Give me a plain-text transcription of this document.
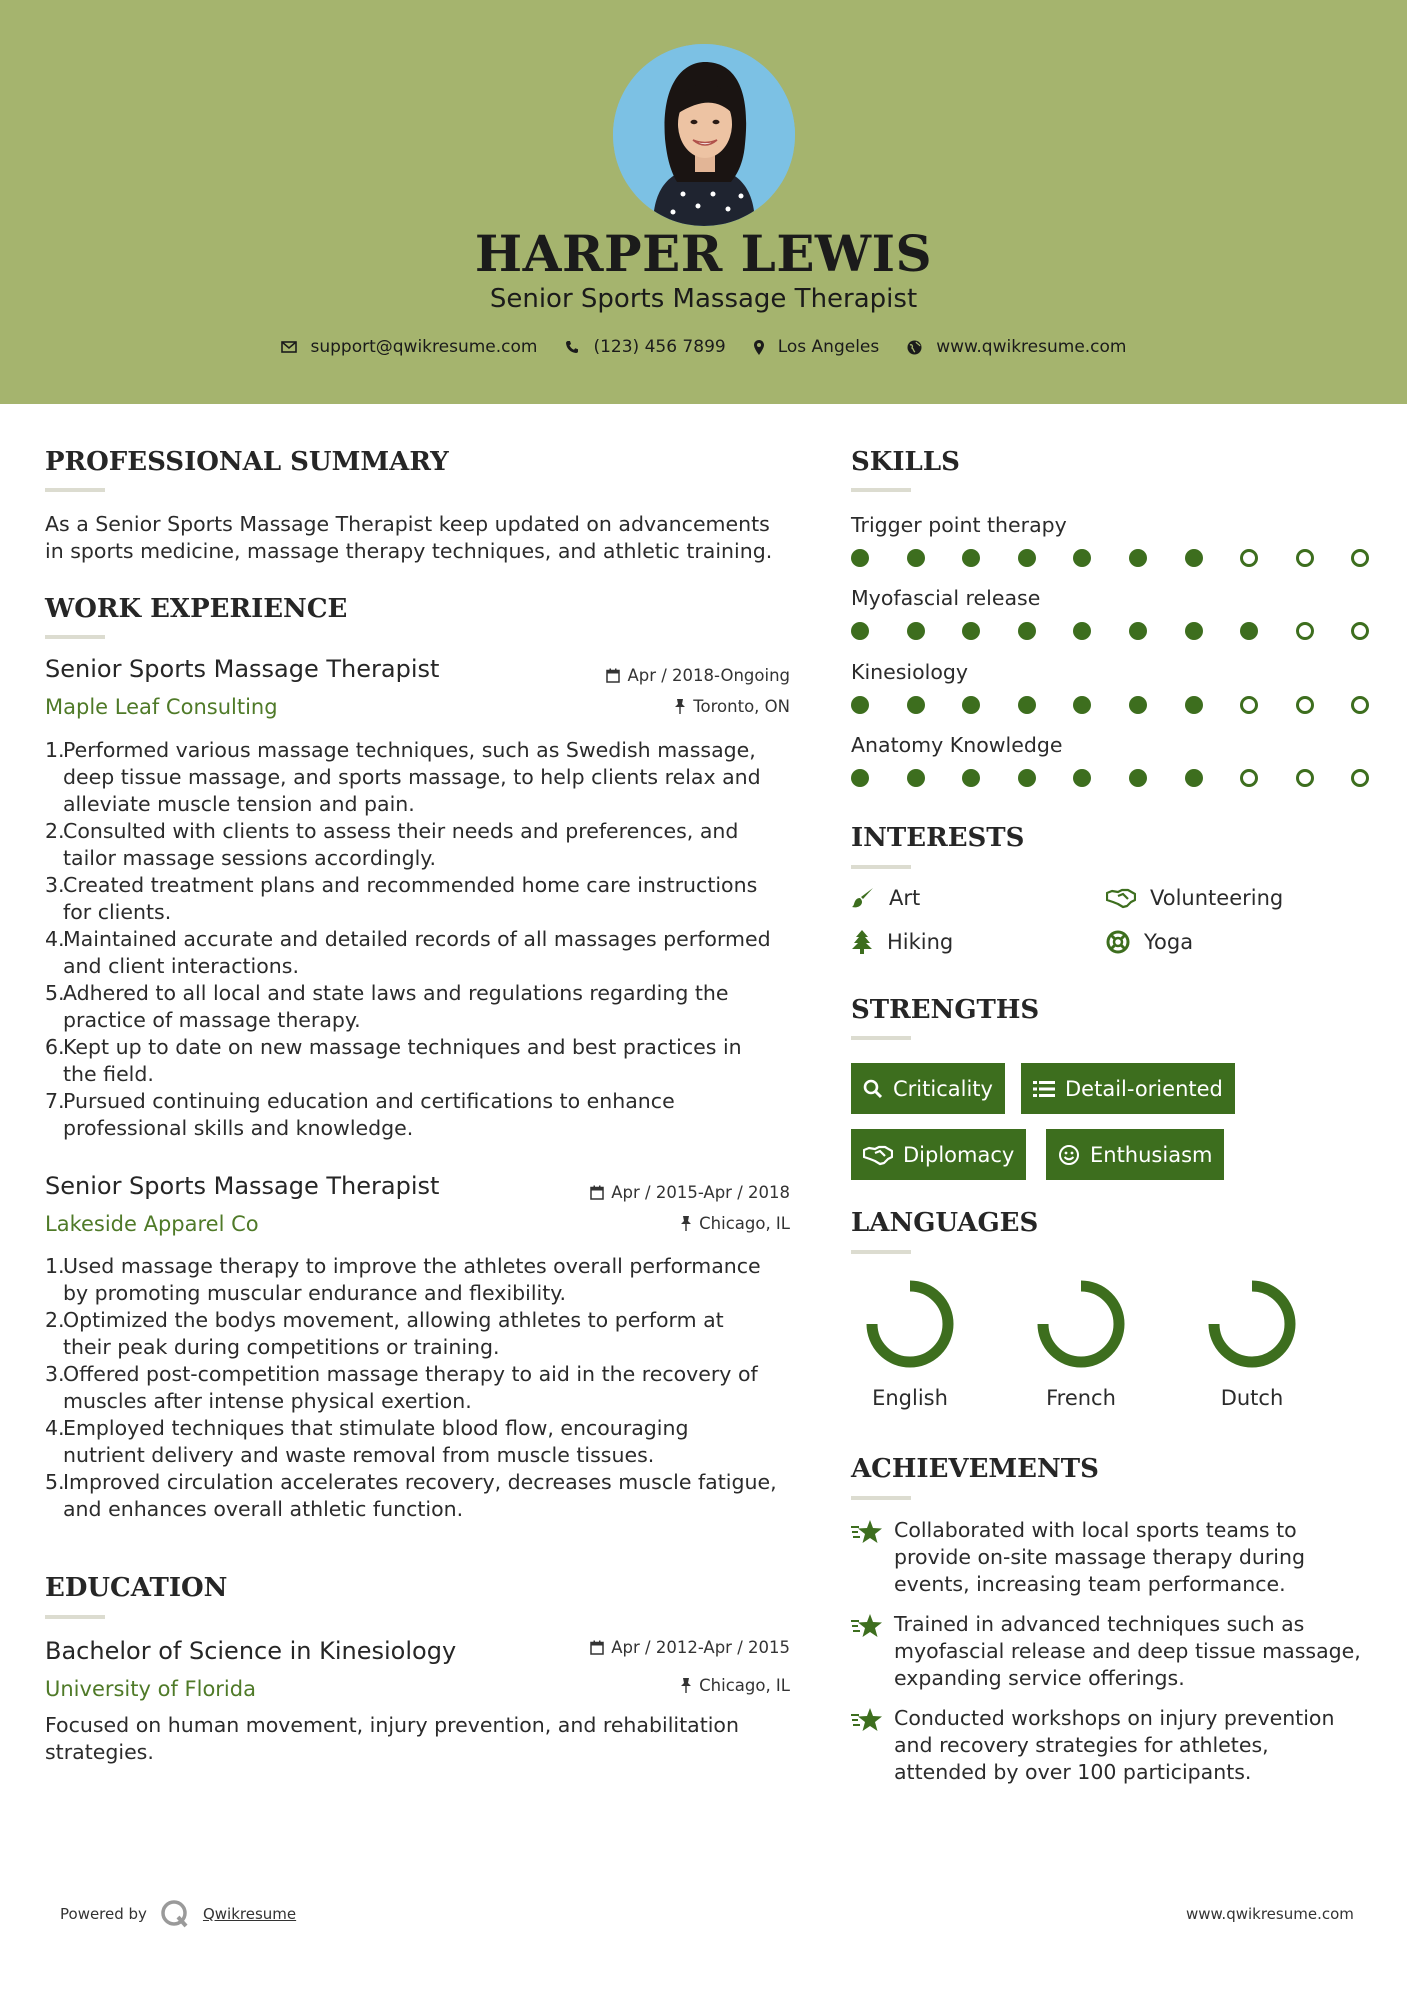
HARPER LEWIS
Senior Sports Massage Therapist
support@qwikresume.com	(123) 456 7899	Los Angeles	www.qwikresume.com
PROFESSIONAL SUMMARY
As a Senior Sports Massage Therapist keep updated on advancements
in sports medicine, massage therapy techniques, and athletic training.
WORK EXPERIENCE
Senior Sports Massage Therapist
Maple Leaf Consulting
Apr / 2018-Ongoing
Toronto, ON
1.
Performed various massage techniques, such as Swedish massage,
deep tissue massage, and sports massage, to help clients relax and
alleviate muscle tension and pain.
2.
Consulted with clients to assess their needs and preferences, and
tailor massage sessions accordingly.
3.
Created treatment plans and recommended home care instructions
for clients.
4.
Maintained accurate and detailed records of all massages performed
and client interactions.
5.
Adhered to all local and state laws and regulations regarding the
practice of massage therapy.
6.
Kept up to date on new massage techniques and best practices in
the field.
7.
Pursued continuing education and certifications to enhance
professional skills and knowledge.
Senior Sports Massage Therapist
Lakeside Apparel Co
Apr / 2015-Apr / 2018
Chicago, IL
1.
Used massage therapy to improve the athletes overall performance
by promoting muscular endurance and flexibility.
2.
Optimized the bodys movement, allowing athletes to perform at
their peak during competitions or training.
3.
Offered post-competition massage therapy to aid in the recovery of
muscles after intense physical exertion.
4.
Employed techniques that stimulate blood flow, encouraging
nutrient delivery and waste removal from muscle tissues.
5.
Improved circulation accelerates recovery, decreases muscle fatigue,
and enhances overall athletic function.
EDUCATION
Bachelor of Science in Kinesiology
University of Florida
Apr / 2012-Apr / 2015
Chicago, IL
Focused on human movement, injury prevention, and rehabilitation
strategies.
SKILLS
Trigger point therapy
Myofascial release
Kinesiology
Anatomy Knowledge
INTERESTS
Art	Volunteering
Hiking	Yoga
STRENGTHS
Criticality	Detail-oriented
Diplomacy	Enthusiasm
LANGUAGES
English	French	Dutch
ACHIEVEMENTS
Collaborated with local sports teams to
provide on-site massage therapy during
events, increasing team performance.
Trained in advanced techniques such as
myofascial release and deep tissue massage,
expanding service offerings.
Conducted workshops on injury prevention
and recovery strategies for athletes,
attended by over 100 participants.
Powered by	Qwikresume	www.qwikresume.com
